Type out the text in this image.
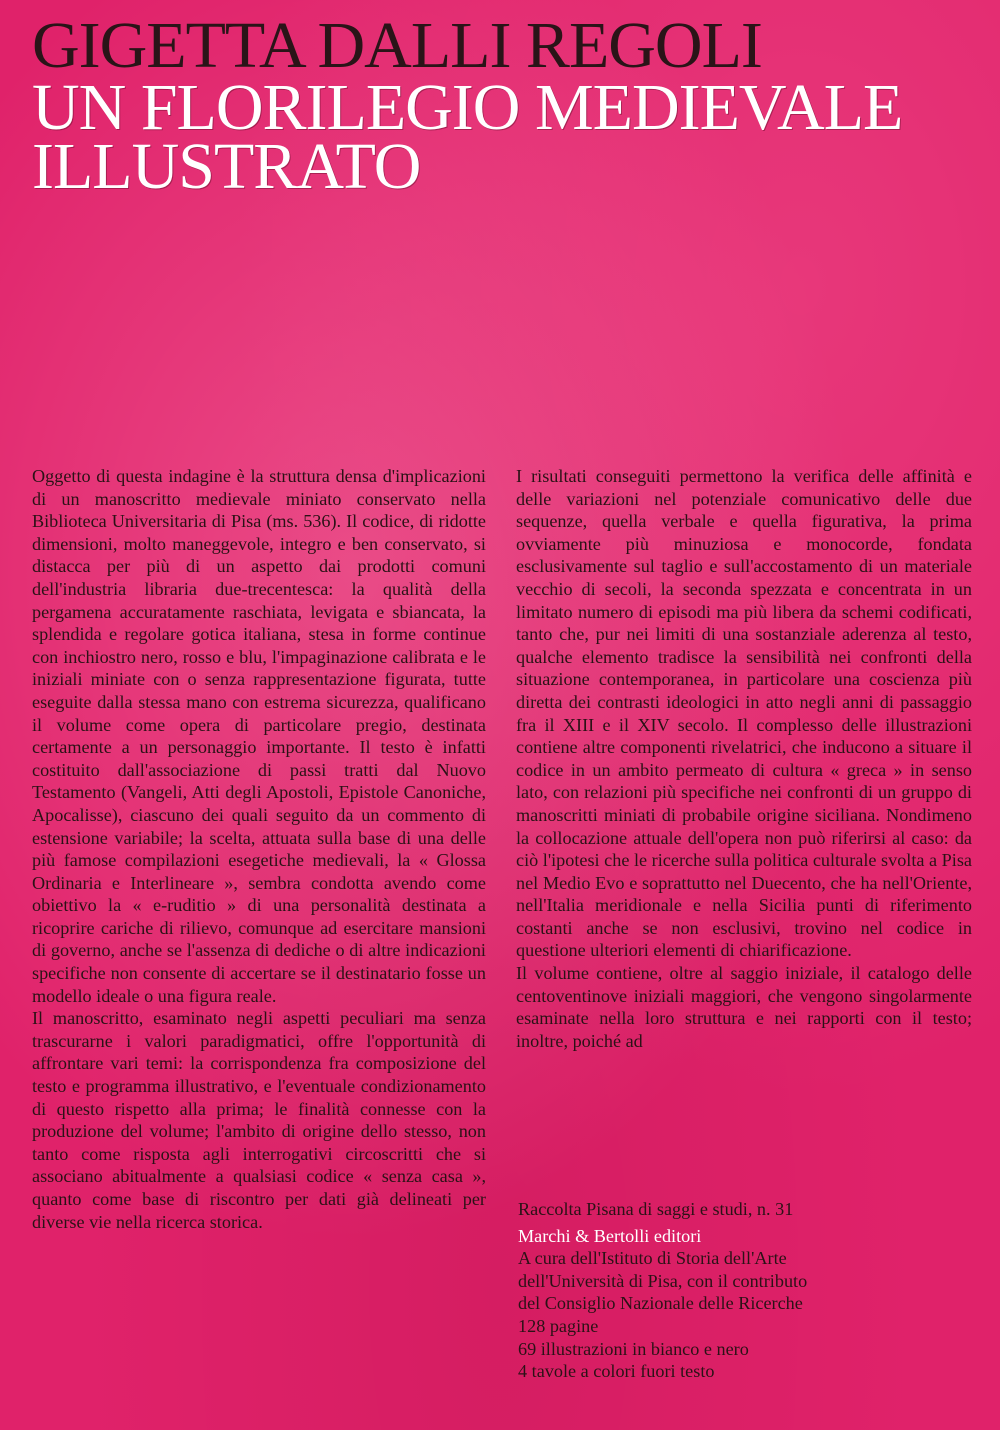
GIGETTA DALLI REGOLI
UN FLORILEGIO MEDIEVALE
ILLUSTRATO

Oggetto di questa indagine è la struttura densa d'implicazioni di un manoscritto medievale miniato conservato nella Biblioteca Universitaria di Pisa (ms. 536). Il codice, di ridotte dimensioni, molto maneggevole, integro e ben conservato, si distacca per più di un aspetto dai prodotti comuni dell'industria libraria due-trecentesca: la qualità della pergamena accuratamente raschiata, levigata e sbiancata, la splendida e regolare gotica italiana, stesa in forme continue con inchiostro nero, rosso e blu, l'impaginazione calibrata e le iniziali miniate con o senza rappresentazione figurata, tutte eseguite dalla stessa mano con estrema sicurezza, qualificano il volume come opera di particolare pregio, destinata certamente a un personaggio importante. Il testo è infatti costituito dall'associazione di passi tratti dal Nuovo Testamento (Vangeli, Atti degli Apostoli, Epistole Canoniche, Apocalisse), ciascuno dei quali seguito da un commento di estensione variabile; la scelta, attuata sulla base di una delle più famose compilazioni esegetiche medievali, la « Glossa Ordinaria e Interlineare », sembra condotta avendo come obiettivo la « e-ruditio » di una personalità destinata a ricoprire cariche di rilievo, comunque ad esercitare mansioni di governo, anche se l'assenza di dediche o di altre indicazioni specifiche non consente di accertare se il destinatario fosse un modello ideale o una figura reale.

Il manoscritto, esaminato negli aspetti peculiari ma senza trascurarne i valori paradigmatici, offre l'opportunità di affrontare vari temi: la corrispondenza fra composizione del testo e programma illustrativo, e l'eventuale condizionamento di questo rispetto alla prima; le finalità connesse con la produzione del volume; l'ambito di origine dello stesso, non tanto come risposta agli interrogativi circoscritti che si associano abitualmente a qualsiasi codice « senza casa », quanto come base di riscontro per dati già delineati per diverse vie nella ricerca storica.

I risultati conseguiti permettono la verifica delle affinità e delle variazioni nel potenziale comunicativo delle due sequenze, quella verbale e quella figurativa, la prima ovviamente più minuziosa e monocorde, fondata esclusivamente sul taglio e sull'accostamento di un materiale vecchio di secoli, la seconda spezzata e concentrata in un limitato numero di episodi ma più libera da schemi codificati, tanto che, pur nei limiti di una sostanziale aderenza al testo, qualche elemento tradisce la sensibilità nei confronti della situazione contemporanea, in particolare una coscienza più diretta dei contrasti ideologici in atto negli anni di passaggio fra il XIII e il XIV secolo. Il complesso delle illustrazioni contiene altre componenti rivelatrici, che inducono a situare il codice in un ambito permeato di cultura « greca » in senso lato, con relazioni più specifiche nei confronti di un gruppo di manoscritti miniati di probabile origine siciliana. Nondimeno la collocazione attuale dell'opera non può riferirsi al caso: da ciò l'ipotesi che le ricerche sulla politica culturale svolta a Pisa nel Medio Evo e soprattutto nel Duecento, che ha nell'Oriente, nell'Italia meridionale e nella Sicilia punti di riferimento costanti anche se non esclusivi, trovino nel codice in questione ulteriori elementi di chiarificazione.

Il volume contiene, oltre al saggio iniziale, il catalogo delle centoventinove iniziali maggiori, che vengono singolarmente esaminate nella loro struttura e nei rapporti con il testo; inoltre, poiché ad

Raccolta Pisana di saggi e studi, n. 31
Marchi & Bertolli editori
A cura dell'Istituto di Storia dell'Arte
dell'Università di Pisa, con il contributo
del Consiglio Nazionale delle Ricerche
128 pagine
69 illustrazioni in bianco e nero
4 tavole a colori fuori testo
